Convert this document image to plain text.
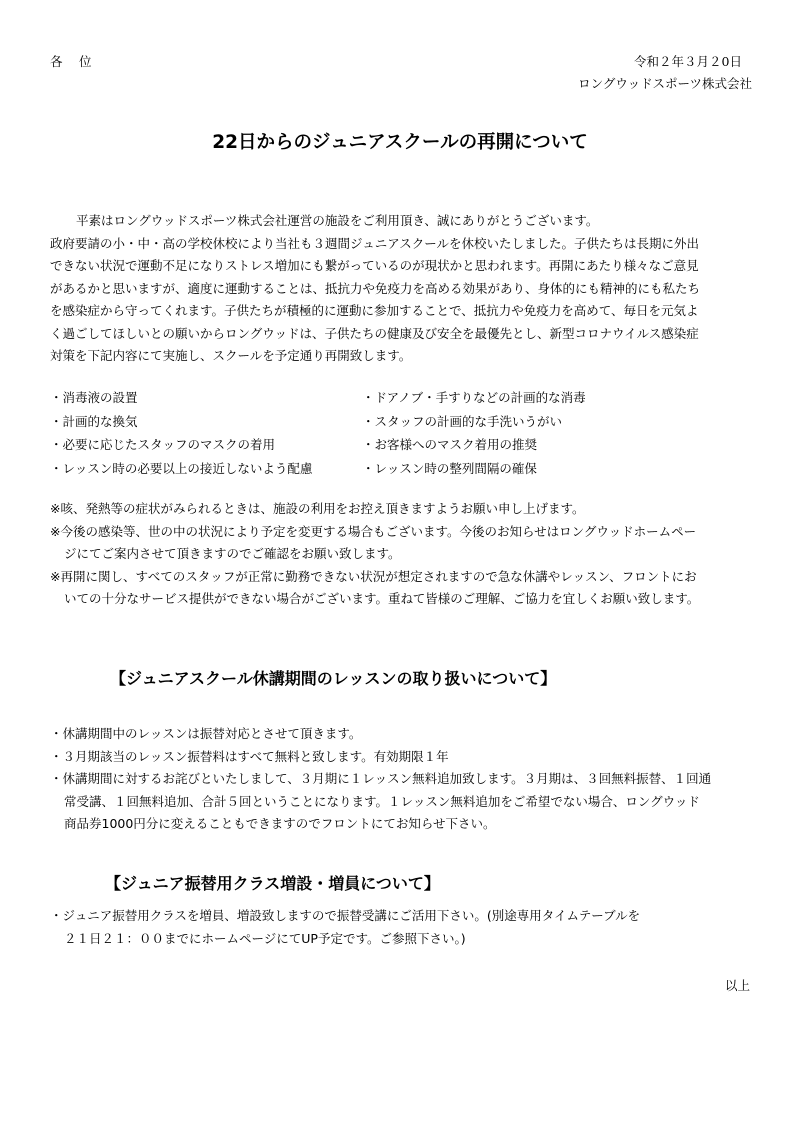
各　位	令和２年３月２0日
ロングウッドスポーツ株式会社
22日からのジュニアスクールの再開について
平素はロングウッドスポーツ株式会社運営の施設をご利用頂き、誠にありがとうございます。
政府要請の小・中・高の学校休校により当社も３週間ジュニアスクールを休校いたしました。子供たちは長期に外出
できない状況で運動不足になりストレス増加にも繋がっているのが現状かと思われます。再開にあたり様々なご意見
があるかと思いますが、適度に運動することは、抵抗力や免疫力を高める効果があり、身体的にも精神的にも私たち
を感染症から守ってくれます。子供たちが積極的に運動に参加することで、抵抗力や免疫力を高めて、毎日を元気よ
く過ごしてほしいとの願いからロングウッドは、子供たちの健康及び安全を最優先とし、新型コロナウイルス感染症
対策を下記内容にて実施し、スクールを予定通り再開致します。
・消毒液の設置	・ドアノブ・手すりなどの計画的な消毒
・計画的な換気	・スタッフの計画的な手洗いうがい
・必要に応じたスタッフのマスクの着用	・お客様へのマスク着用の推奨
・レッスン時の必要以上の接近しないよう配慮	・レッスン時の整列間隔の確保
※咳、発熱等の症状がみられるときは、施設の利用をお控え頂きますようお願い申し上げます。
※今後の感染等、世の中の状況により予定を変更する場合もございます。今後のお知らせはロングウッドホームペー
ジにてご案内させて頂きますのでご確認をお願い致します。
※再開に関し、すべてのスタッフが正常に勤務できない状況が想定されますので急な休講やレッスン、フロントにお
いての十分なサービス提供ができない場合がございます。重ねて皆様のご理解、ご協力を宜しくお願い致します。
【ジュニアスクール休講期間のレッスンの取り扱いについて】
・休講期間中のレッスンは振替対応とさせて頂きます。
・３月期該当のレッスン振替料はすべて無料と致します。有効期限１年
・休講期間に対するお詫びといたしまして、３月期に１レッスン無料追加致します。３月期は、３回無料振替、１回通
常受講、１回無料追加、合計５回ということになります。１レッスン無料追加をご希望でない場合、ロングウッド
商品券1000円分に変えることもできますのでフロントにてお知らせ下さい。
【ジュニア振替用クラス増設・増員について】
・ジュニア振替用クラスを増員、増設致しますので振替受講にご活用下さい。(別途専用タイムテーブルを
２１日２１：００までにホームページにてUP予定です。ご参照下さい。)
以上
